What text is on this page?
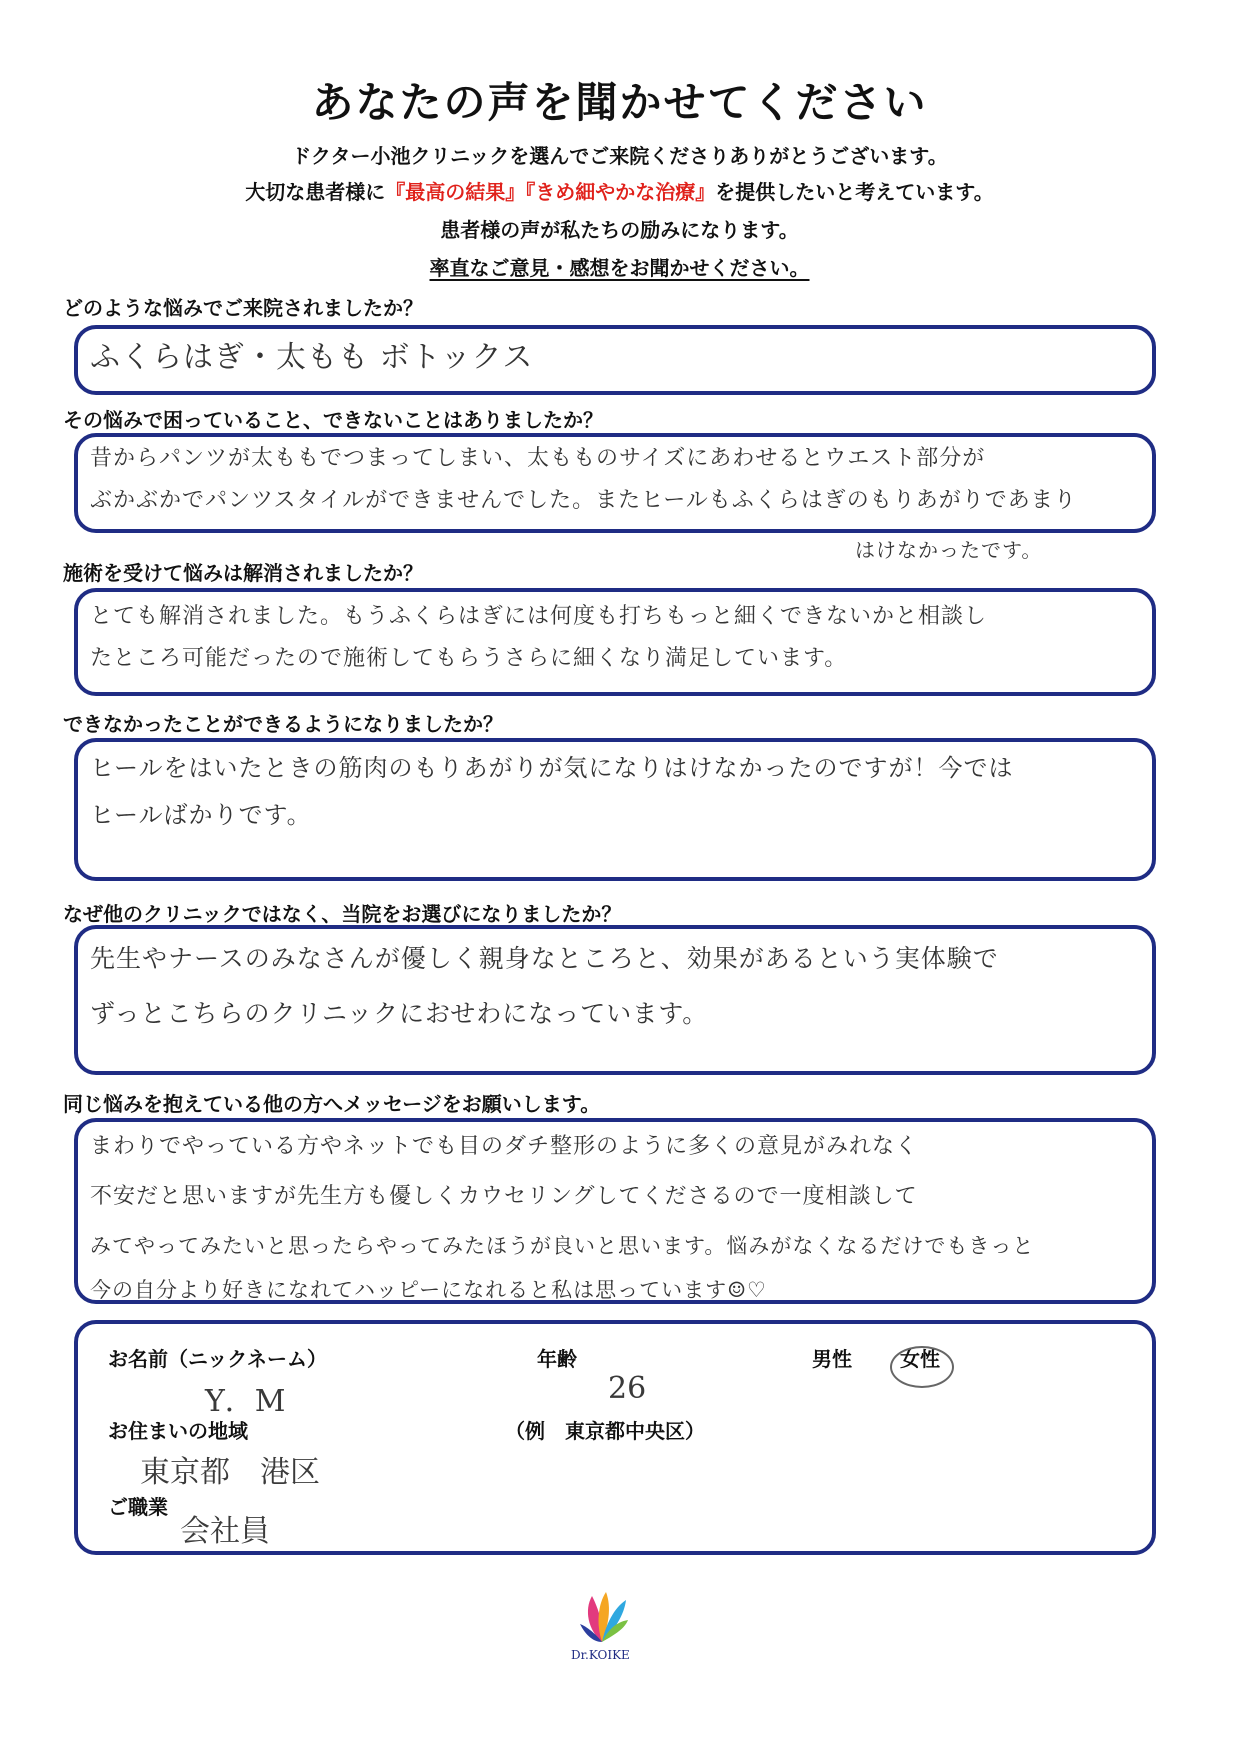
あなたの声を聞かせてください
ドクター小池クリニックを選んでご来院くださりありがとうございます。
大切な患者様に『最高の結果』『きめ細やかな治療』を提供したいと考えています。
患者様の声が私たちの励みになります。
率直なご意見・感想をお聞かせください。
どのような悩みでご来院されましたか？
ふくらはぎ・太もも ボトックス
その悩みで困っていること、できないことはありましたか？
昔からパンツが太ももでつまってしまい、太もものサイズにあわせるとウエスト部分が
ぶかぶかでパンツスタイルができませんでした。またヒールもふくらはぎのもりあがりであまり
はけなかったです。
施術を受けて悩みは解消されましたか？
とても解消されました。もうふくらはぎには何度も打ちもっと細くできないかと相談し
たところ可能だったので施術してもらうさらに細くなり満足しています。
できなかったことができるようになりましたか？
ヒールをはいたときの筋肉のもりあがりが気になりはけなかったのですが！今では
ヒールばかりです。
なぜ他のクリニックではなく、当院をお選びになりましたか？
先生やナースのみなさんが優しく親身なところと、効果があるという実体験で
ずっとこちらのクリニックにおせわになっています。
同じ悩みを抱えている他の方へメッセージをお願いします。
まわりでやっている方やネットでも目のダチ整形のように多くの意見がみれなく
不安だと思いますが先生方も優しくカウセリングしてくださるので一度相談して
みてやってみたいと思ったらやってみたほうが良いと思います。悩みがなくなるだけでもきっと
今の自分より好きになれてハッピーになれると私は思っています☺♡
お名前（ニックネーム）
Y．M
年齢
26
男性 女性
お住まいの地域	（例　東京都中央区）
東京都　港区
ご職業
会社員
Dr.KOIKE
